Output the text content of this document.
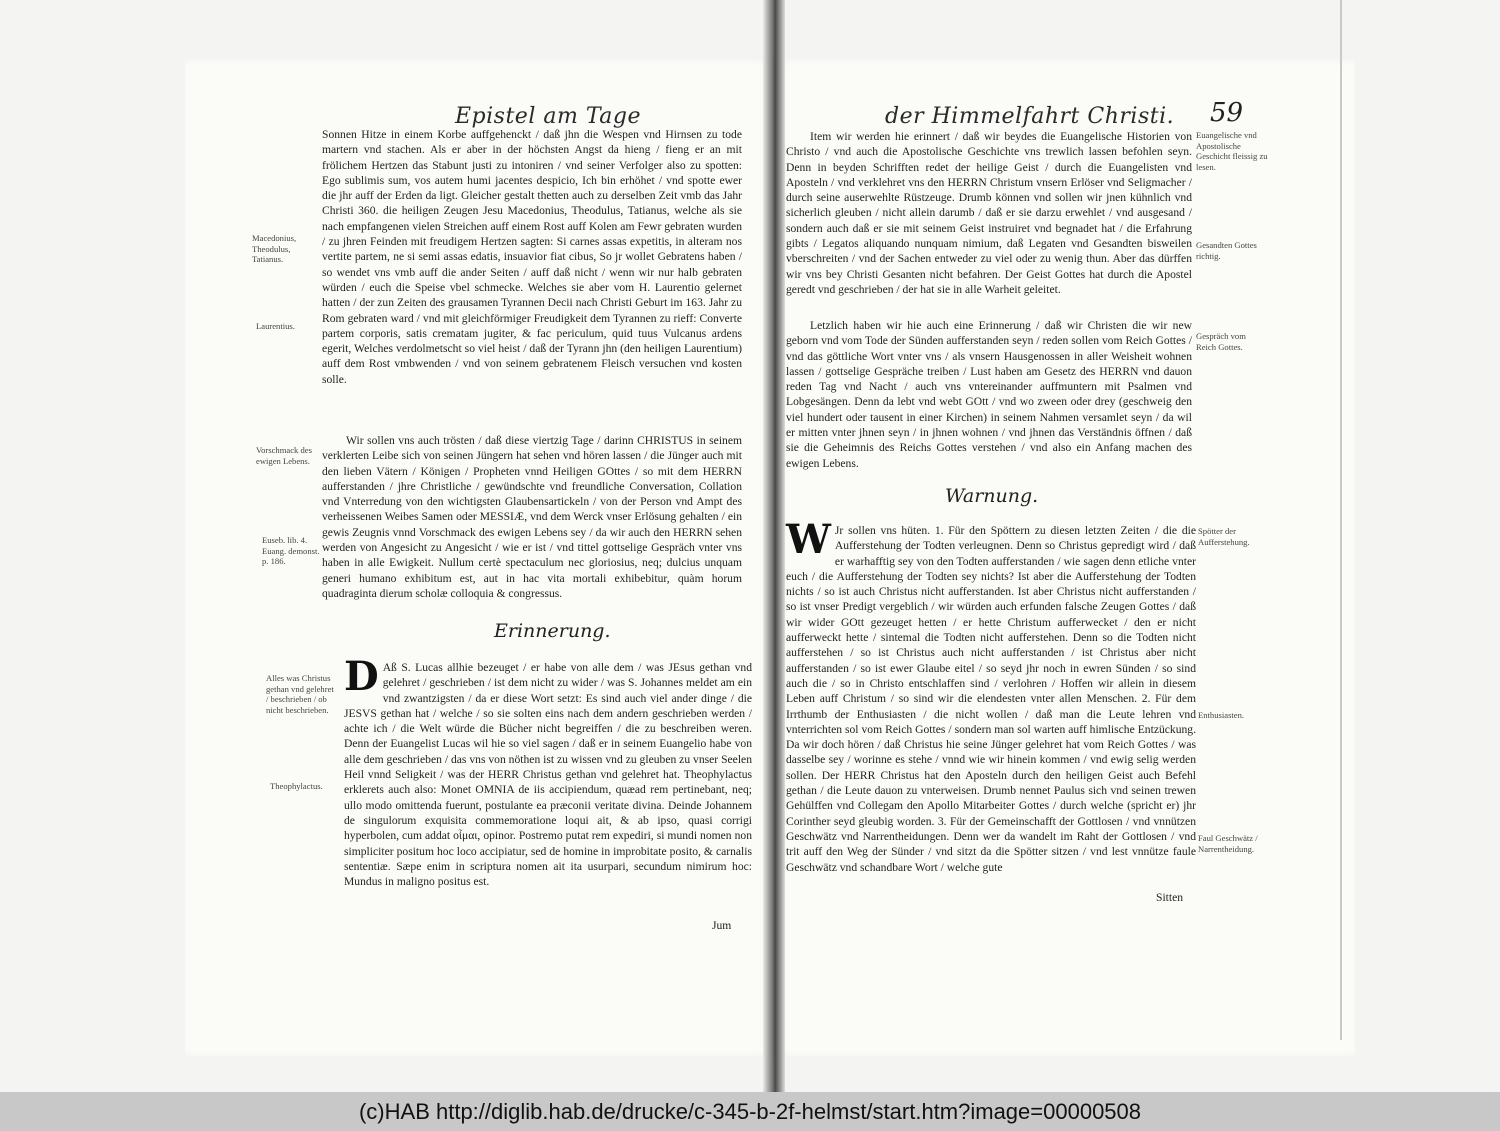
Epistel am Tage

Sonnen Hitze in einem Korbe auffgehenckt / daß jhn die Wespen vnd Hirnsen zu tode martern vnd stachen. Als er aber in der höchsten Angst da hieng / fieng er an mit frölichem Hertzen das Stabunt justi zu intoniren / vnd seiner Verfolger also zu spotten: Ego sublimis sum, vos autem humi jacentes despicio, Ich bin erhöhet / vnd spotte ewer die jhr auff der Erden da ligt. Gleicher gestalt thetten auch zu derselben Zeit vmb das Jahr Christi 360. die heiligen Zeugen Jesu Macedonius, Theodulus, Tatianus, welche als sie nach empfangenen vielen Streichen auff einem Rost auff Kolen am Fewr gebraten wurden / zu jhren Feinden mit freudigem Hertzen sagten: Si carnes assas expetitis, in alteram nos vertite partem, ne si semi assas edatis, insuavior fiat cibus, So jr wollet Gebratens haben / so wendet vns vmb auff die ander Seiten / auff daß nicht / wenn wir nur halb gebraten würden / euch die Speise vbel schmecke. Welches sie aber vom H. Laurentio gelernet hatten / der zun Zeiten des grausamen Tyrannen Decii nach Christi Geburt im 163. Jahr zu Rom gebraten ward / vnd mit gleichförmiger Freudigkeit dem Tyrannen zu rieff: Converte partem corporis, satis crematam jugiter, & fac periculum, quid tuus Vulcanus ardens egerit, Welches verdolmetscht so viel heist / daß der Tyrann jhn (den heiligen Laurentium) auff dem Rost vmbwenden / vnd von seinem gebratenem Fleisch versuchen vnd kosten solle.

Wir sollen vns auch trösten / daß diese viertzig Tage / darinn CHRISTUS in seinem verklerten Leibe sich von seinen Jüngern hat sehen vnd hören lassen / die Jünger auch mit den lieben Vätern / Königen / Propheten vnnd Heiligen GOttes / so mit dem HERRN aufferstanden / jhre Christliche / gewündschte vnd freundliche Conversation, Collation vnd Vnterredung von den wichtigsten Glaubensartickeln / von der Person vnd Ampt des verheissenen Weibes Samen oder MESSIÆ, vnd dem Werck vnser Erlösung gehalten / ein gewis Zeugnis vnnd Vorschmack des ewigen Lebens sey / da wir auch den HERRN sehen werden von Angesicht zu Angesicht / wie er ist / vnd tittel gottselige Gespräch vnter vns haben in alle Ewigkeit. Nullum certè spectaculum nec gloriosius, neq; dulcius unquam generi humano exhibitum est, aut in hac vita mortali exhibebitur, quàm horum quadraginta dierum scholæ colloquia & congressus.

Erinnerung.
D Aß S. Lucas allhie bezeuget / er habe von alle dem / was JEsus gethan vnd gelehret / geschrieben / ist dem nicht zu wider / was S. Johannes meldet am ein vnd zwantzigsten / da er diese Wort setzt: Es sind auch viel ander dinge / die JESVS gethan hat / welche / so sie solten eins nach dem andern geschrieben werden / achte ich / die Welt würde die Bücher nicht begreiffen / die zu beschreiben weren. Denn der Euangelist Lucas wil hie so viel sagen / daß er in seinem Euangelio habe von alle dem geschrieben / das vns von nöthen ist zu wissen vnd zu gleuben zu vnser Seelen Heil vnnd Seligkeit / was der HERR Christus gethan vnd gelehret hat. Theophylactus erklerets auch also: Monet OMNIA de iis accipiendum, quæad rem pertinebant, neq; ullo modo omittenda fuerunt, postulante ea præconii veritate divina. Deinde Johannem de singulorum exquisita commemoratione loqui ait, & ab ipso, quasi corrigi hyperbolen, cum addat οἶμαι, opinor. Postremo putat rem expediri, si mundi nomen non simpliciter positum hoc loco accipiatur, sed de homine in improbitate posito, & carnalis sententiæ. Sæpe enim in scriptura nomen ait ita usurpari, secundum nimirum hoc: Mundus in maligno positus est.

Jum
Macedonius, Theodulus, Tatianus.
Laurentius.
Vorschmack des ewigen Lebens.
Euseb. lib. 4. Euang. demonst. p. 186.
Alles was Christus gethan vnd gelehret / beschrieben / ob nicht beschrieben.
Theophylactus.
der Himmelfahrt Christi. 59

Item wir werden hie erinnert / daß wir beydes die Euangelische Historien von Christo / vnd auch die Apostolische Geschichte vns trewlich lassen befohlen seyn. Denn in beyden Schrifften redet der heilige Geist / durch die Euangelisten vnd Aposteln / vnd verklehret vns den HERRN Christum vnsern Erlöser vnd Seligmacher / durch seine auserwehlte Rüstzeuge. Drumb können vnd sollen wir jnen kühnlich vnd sicherlich gleuben / nicht allein darumb / daß er sie darzu erwehlet / vnd ausgesand / sondern auch daß er sie mit seinem Geist instruiret vnd begnadet hat / die Erfahrung gibts / Legatos aliquando nunquam nimium, daß Legaten vnd Gesandten bisweilen vberschreiten / vnd der Sachen entweder zu viel oder zu wenig thun. Aber das dürffen wir vns bey Christi Gesanten nicht befahren. Der Geist Gottes hat durch die Apostel geredt vnd geschrieben / der hat sie in alle Warheit geleitet.

Letzlich haben wir hie auch eine Erinnerung / daß wir Christen die wir new geborn vnd vom Tode der Sünden aufferstanden seyn / reden sollen vom Reich Gottes / vnd das göttliche Wort vnter vns / als vnsern Hausgenossen in aller Weisheit wohnen lassen / gottselige Gespräche treiben / Lust haben am Gesetz des HERRN vnd dauon reden Tag vnd Nacht / auch vns vntereinander auffmuntern mit Psalmen vnd Lobgesängen. Denn da lebt vnd webt GOtt / vnd wo zween oder drey (geschweig den viel hundert oder tausent in einer Kirchen) in seinem Nahmen versamlet seyn / da wil er mitten vnter jhnen seyn / in jhnen wohnen / vnd jhnen das Verständnis öffnen / daß sie die Geheimnis des Reichs Gottes verstehen / vnd also ein Anfang machen des ewigen Lebens.

Warnung.
W Jr sollen vns hüten. 1. Für den Spöttern zu diesen letzten Zeiten / die die Aufferstehung der Todten verleugnen. Denn so Christus gepredigt wird / daß er warhafftig sey von den Todten aufferstanden / wie sagen denn etliche vnter euch / die Aufferstehung der Todten sey nichts? Ist aber die Aufferstehung der Todten nichts / so ist auch Christus nicht aufferstanden. Ist aber Christus nicht aufferstanden / so ist vnser Predigt vergeblich / wir würden auch erfunden falsche Zeugen Gottes / daß wir wider GOtt gezeuget hetten / er hette Christum aufferwecket / den er nicht aufferweckt hette / sintemal die Todten nicht aufferstehen. Denn so die Todten nicht aufferstehen / so ist Christus auch nicht aufferstanden / ist Christus aber nicht aufferstanden / so ist ewer Glaube eitel / so seyd jhr noch in ewren Sünden / so sind auch die / so in Christo entschlaffen sind / verlohren / Hoffen wir allein in diesem Leben auff Christum / so sind wir die elendesten vnter allen Menschen. 2. Für dem Irrthumb der Enthusiasten / die nicht wollen / daß man die Leute lehren vnd vnterrichten sol vom Reich Gottes / sondern man sol warten auff himlische Entzückung. Da wir doch hören / daß Christus hie seine Jünger gelehret hat vom Reich Gottes / was dasselbe sey / worinne es stehe / vnnd wie wir hinein kommen / vnd ewig selig werden sollen. Der HERR Christus hat den Aposteln durch den heiligen Geist auch Befehl gethan / die Leute dauon zu vnterweisen. Drumb nennet Paulus sich vnd seinen trewen Gehülffen vnd Collegam den Apollo Mitarbeiter Gottes / durch welche (spricht er) jhr Corinther seyd gleubig worden. 3. Für der Gemeinschafft der Gottlosen / vnd vnnützen Geschwätz vnd Narrentheidungen. Denn wer da wandelt im Raht der Gottlosen / vnd trit auff den Weg der Sünder / vnd sitzt da die Spötter sitzen / vnd lest vnnütze faule Geschwätz vnd schandbare Wort / welche gute

Sitten
Euangelische vnd Apostolische Geschicht fleissig zu lesen.
Gesandten Gottes richtig.
Gespräch vom Reich Gottes.
Spötter der Aufferstehung.
Enthusiasten.
Faul Geschwätz / Narrentheidung.
(c)HAB http://diglib.hab.de/drucke/c-345-b-2f-helmst/start.htm?image=00000508
